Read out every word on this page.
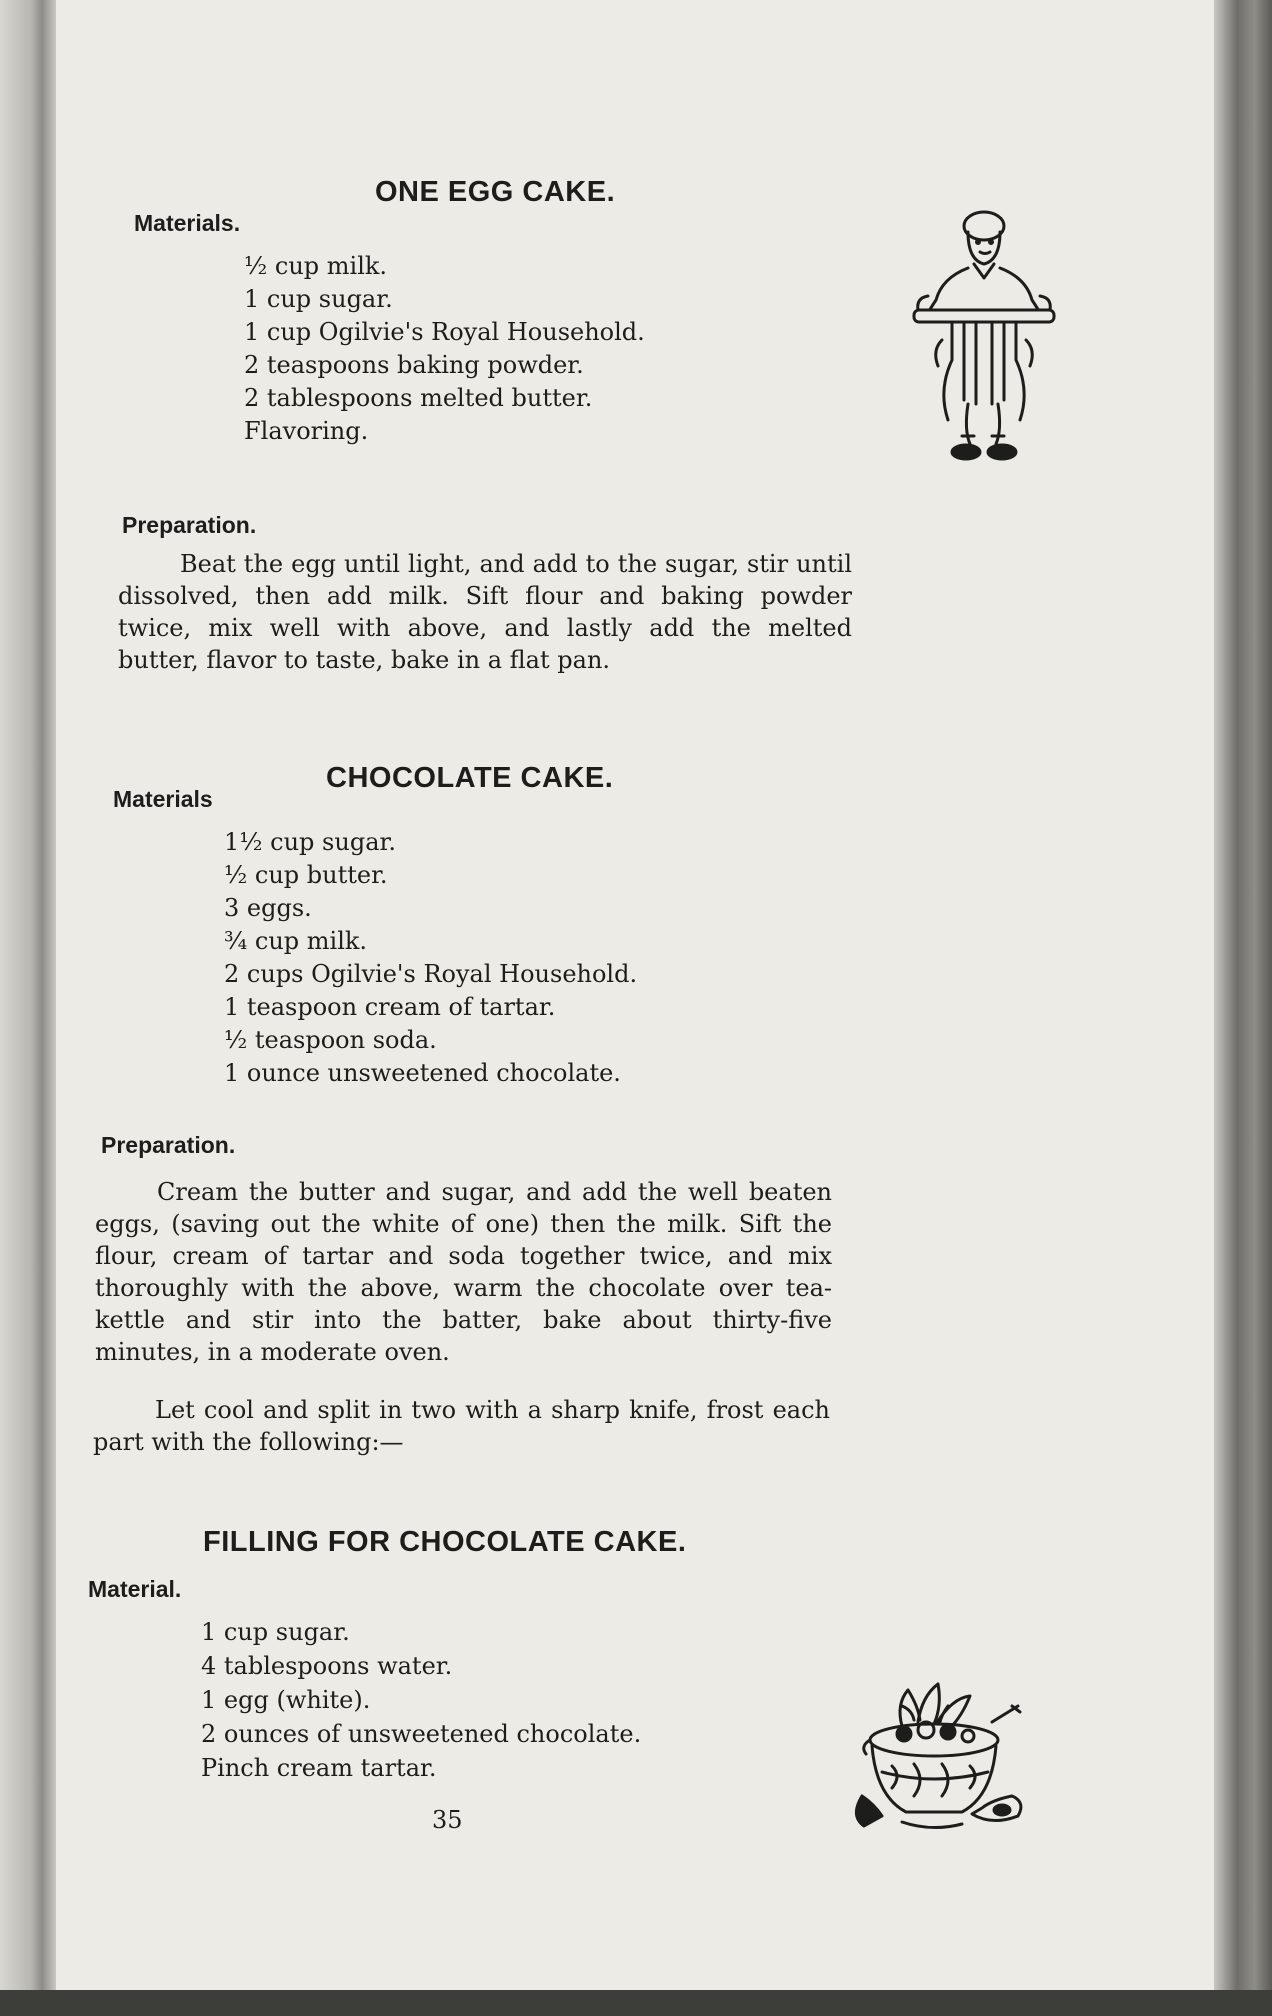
ONE EGG CAKE.
Materials.
½ cup milk.
1 cup sugar.
1 cup Ogilvie's Royal Household.
2 teaspoons baking powder.
2 tablespoons melted butter.
Flavoring.
Preparation.

Beat the egg until light, and add to the sugar, stir until dissolved, then add milk. Sift flour and baking powder twice, mix well with above, and lastly add the melted butter, flavor to taste, bake in a flat pan.

CHOCOLATE CAKE.
Materials
1½ cup sugar.
½ cup butter.
3 eggs.
¾ cup milk.
2 cups Ogilvie's Royal Household.
1 teaspoon cream of tartar.
½ teaspoon soda.
1 ounce unsweetened chocolate.
Preparation.

Cream the butter and sugar, and add the well beaten eggs, (saving out the white of one) then the milk. Sift the flour, cream of tartar and soda together twice, and mix thoroughly with the above, warm the chocolate over tea-kettle and stir into the batter, bake about thirty-five minutes, in a moderate oven.

Let cool and split in two with a sharp knife, frost each part with the following:—

FILLING FOR CHOCOLATE CAKE.
Material.
1 cup sugar.
4 tablespoons water.
1 egg (white).
2 ounces of unsweetened chocolate.
Pinch cream tartar.
35
